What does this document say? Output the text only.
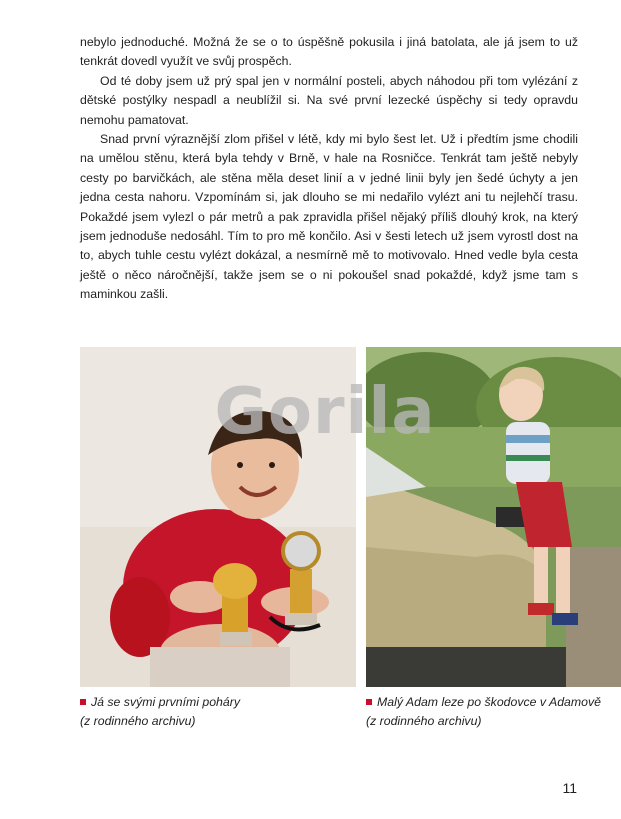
nebylo jednoduché. Možná že se o to úspěšně pokusila i jiná batolata, ale já jsem to už tenkrát dovedl využít ve svůj prospěch.

Od té doby jsem už prý spal jen v normální posteli, abych náhodou při tom vylézání z dětské postýlky nespadl a neublížil si. Na své první lezecké úspěchy si tedy opravdu nemohu pamatovat.

Snad první výraznější zlom přišel v létě, kdy mi bylo šest let. Už i předtím jsme chodili na umělou stěnu, která byla tehdy v Brně, v hale na Rosničce. Tenkrát tam ještě nebyly cesty po barvičkách, ale stěna měla deset linií a v jedné linii byly jen šedé úchyty a jen jedna cesta nahoru. Vzpomínám si, jak dlouho se mi nedařilo vylézt ani tu nejlehčí trasu. Pokaždé jsem vylezl o pár metrů a pak zpravidla přišel nějaký příliš dlouhý krok, na který jsem jednoduše nedosáhl. Tím to pro mě končilo. Asi v šesti letech už jsem vyrostl dost na to, abych tuhle cestu vylézt dokázal, a nesmírně mě to motivovalo. Hned vedle byla cesta ještě o něco náročnější, takže jsem se o ni pokoušel snad pokaždé, když jsme tam s maminkou zašli.

Gorila
Já se svými prvními poháry
(z rodinného archivu)
Malý Adam leze po škodovce v Adamově
(z rodinného archivu)
11
